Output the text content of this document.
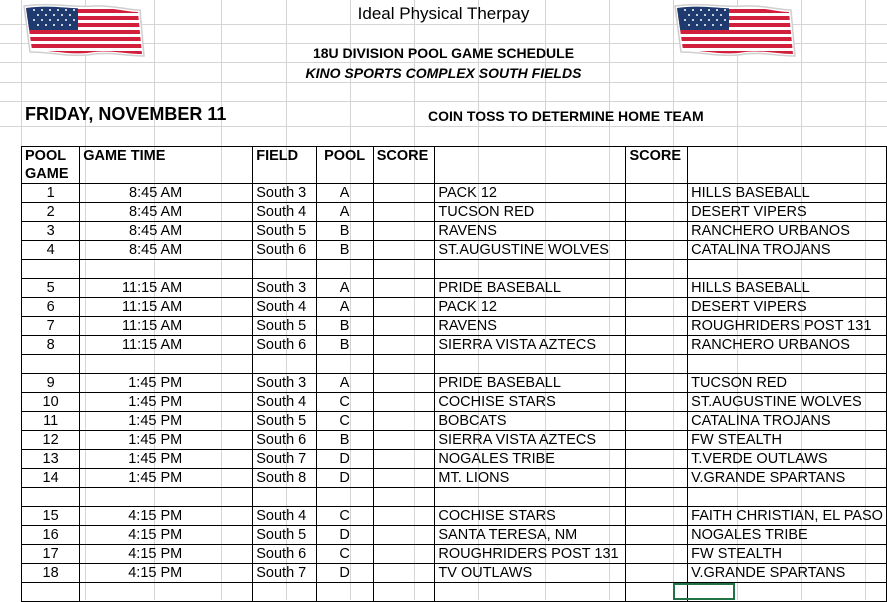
Ideal Physical Therpay
18U DIVISION POOL GAME SCHEDULE
KINO SPORTS COMPLEX SOUTH FIELDS
FRIDAY, NOVEMBER 11	COIN TOSS TO DETERMINE HOME TEAM
POOL	GAME TIME	FIELD	POOL	SCORE		SCORE	
GAME							
1	8:45 AM	South 3	A		PACK 12		HILLS BASEBALL
2	8:45 AM	South 4	A		TUCSON RED		DESERT VIPERS
3	8:45 AM	South 5	B		RAVENS		RANCHERO URBANOS
4	8:45 AM	South 6	B		ST.AUGUSTINE WOLVES		CATALINA TROJANS

5	11:15 AM	South 3	A		PRIDE BASEBALL		HILLS BASEBALL
6	11:15 AM	South 4	A		PACK 12		DESERT VIPERS
7	11:15 AM	South 5	B		RAVENS		ROUGHRIDERS POST 131
8	11:15 AM	South 6	B		SIERRA VISTA AZTECS		RANCHERO URBANOS

9	1:45 PM	South 3	A		PRIDE BASEBALL		TUCSON RED
10	1:45 PM	South 4	C		COCHISE STARS		ST.AUGUSTINE WOLVES
11	1:45 PM	South 5	C		BOBCATS		CATALINA TROJANS
12	1:45 PM	South 6	B		SIERRA VISTA AZTECS		FW STEALTH
13	1:45 PM	South 7	D		NOGALES TRIBE		T.VERDE OUTLAWS
14	1:45 PM	South 8	D		MT. LIONS		V.GRANDE SPARTANS

15	4:15 PM	South 4	C		COCHISE STARS		FAITH CHRISTIAN, EL PASO
16	4:15 PM	South 5	D		SANTA TERESA, NM		NOGALES TRIBE
17	4:15 PM	South 6	C		ROUGHRIDERS POST 131		FW STEALTH
18	4:15 PM	South 7	D		TV OUTLAWS		V.GRANDE SPARTANS
